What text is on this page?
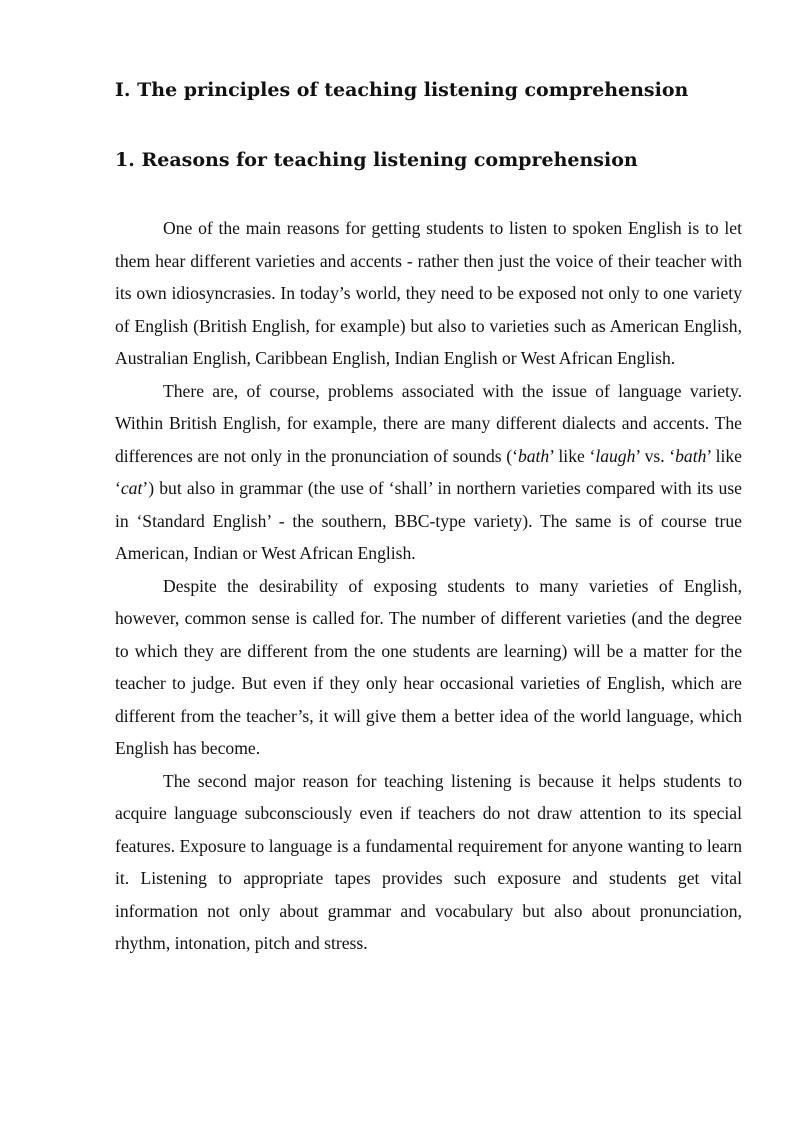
I. The principles of teaching listening comprehension
1. Reasons for teaching listening comprehension

One of the main reasons for getting students to listen to spoken English is to let them hear different varieties and accents - rather then just the voice of their teacher with its own idiosyncrasies. In today’s world, they need to be exposed not only to one variety of English (British English, for example) but also to varieties such as American English, Australian English, Caribbean English, Indian English or West African English.

There are, of course, problems associated with the issue of language variety. Within British English, for example, there are many different dialects and accents. The differences are not only in the pronunciation of sounds (‘bath’ like ‘laugh’ vs. ‘bath’ like ‘cat’) but also in grammar (the use of ‘shall’ in northern varieties compared with its use in ‘Standard English’ - the southern, BBC-type variety). The same is of course true American, Indian or West African English.

Despite the desirability of exposing students to many varieties of English, however, common sense is called for. The number of different varieties (and the degree to which they are different from the one students are learning) will be a matter for the teacher to judge. But even if they only hear occasional varieties of English, which are different from the teacher’s, it will give them a better idea of the world language, which English has become.

The second major reason for teaching listening is because it helps students to acquire language subconsciously even if teachers do not draw attention to its special features. Exposure to language is a fundamental requirement for anyone wanting to learn it. Listening to appropriate tapes provides such exposure and students get vital information not only about grammar and vocabulary but also about pronunciation, rhythm, intonation, pitch and stress.
